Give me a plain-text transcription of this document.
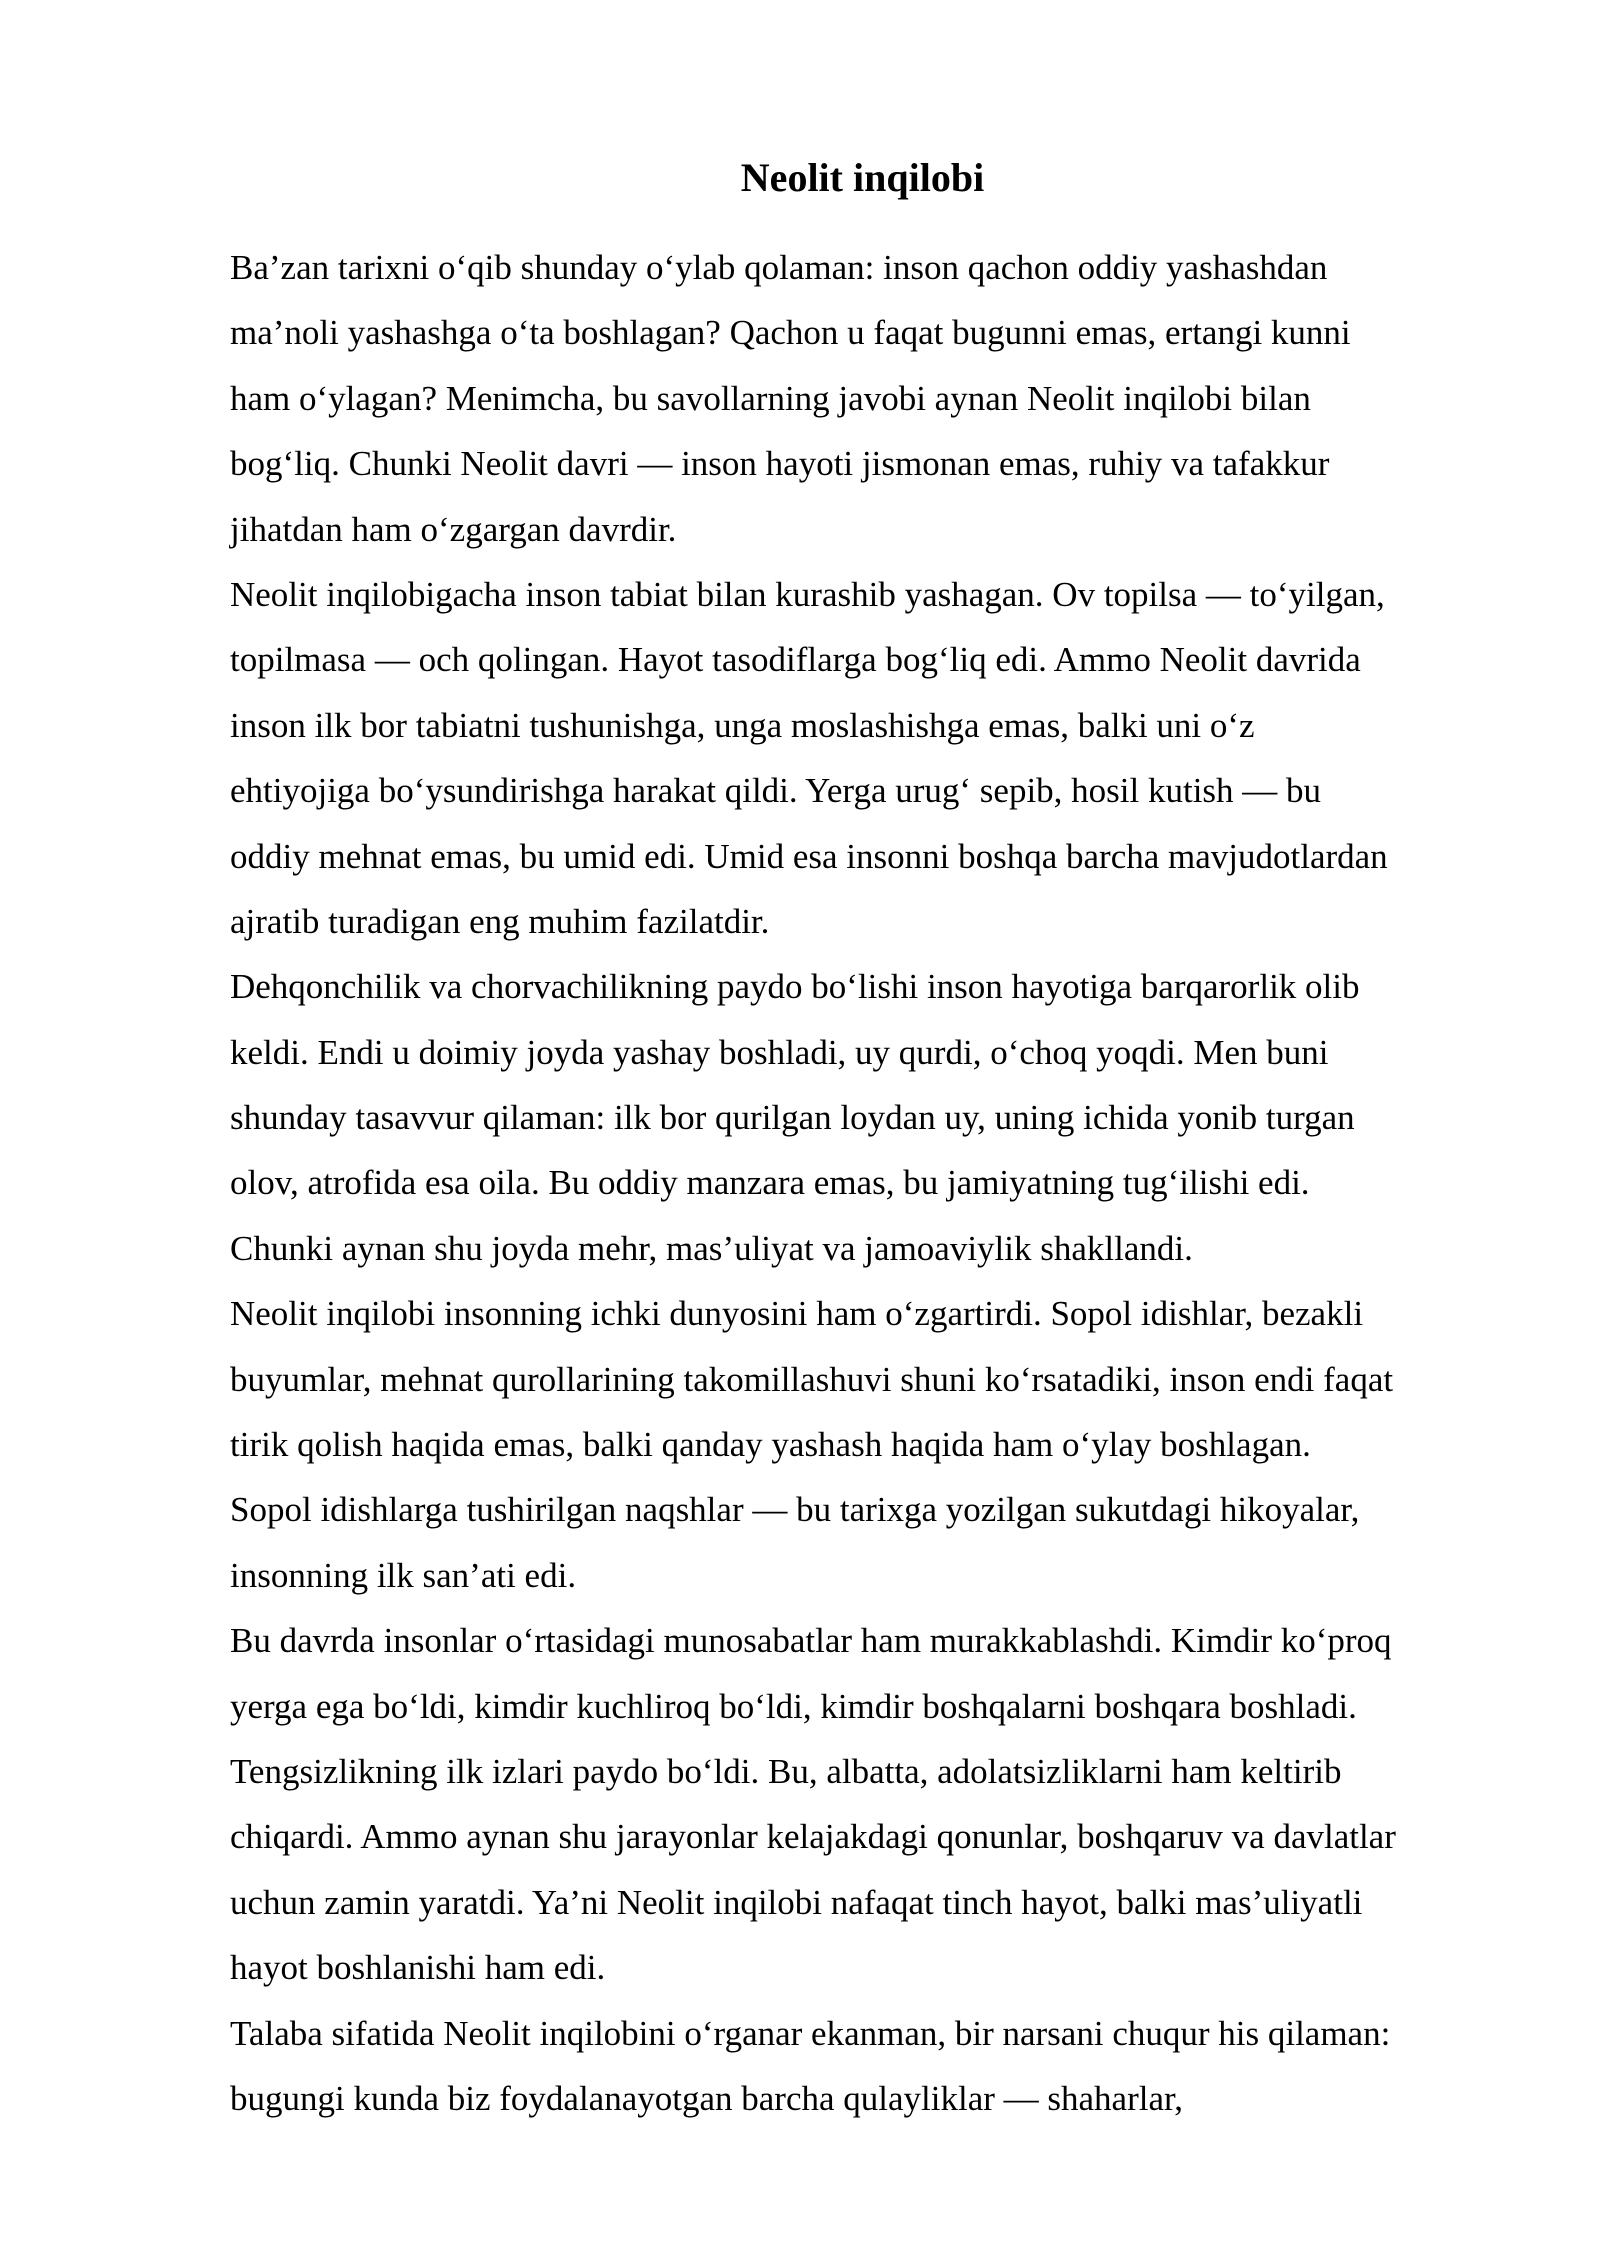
Neolit inqilobi
Ba’zan tarixni o‘qib shunday o‘ylab qolaman: inson qachon oddiy yashashdan
ma’noli yashashga o‘ta boshlagan? Qachon u faqat bugunni emas, ertangi kunni
ham o‘ylagan? Menimcha, bu savollarning javobi aynan Neolit inqilobi bilan
bog‘liq. Chunki Neolit davri — inson hayoti jismonan emas, ruhiy va tafakkur
jihatdan ham o‘zgargan davrdir.
Neolit inqilobigacha inson tabiat bilan kurashib yashagan. Ov topilsa — to‘yilgan,
topilmasa — och qolingan. Hayot tasodiflarga bog‘liq edi. Ammo Neolit davrida
inson ilk bor tabiatni tushunishga, unga moslashishga emas, balki uni o‘z
ehtiyojiga bo‘ysundirishga harakat qildi. Yerga urug‘ sepib, hosil kutish — bu
oddiy mehnat emas, bu umid edi. Umid esa insonni boshqa barcha mavjudotlardan
ajratib turadigan eng muhim fazilatdir.
Dehqonchilik va chorvachilikning paydo bo‘lishi inson hayotiga barqarorlik olib
keldi. Endi u doimiy joyda yashay boshladi, uy qurdi, o‘choq yoqdi. Men buni
shunday tasavvur qilaman: ilk bor qurilgan loydan uy, uning ichida yonib turgan
olov, atrofida esa oila. Bu oddiy manzara emas, bu jamiyatning tug‘ilishi edi.
Chunki aynan shu joyda mehr, mas’uliyat va jamoaviylik shakllandi.
Neolit inqilobi insonning ichki dunyosini ham o‘zgartirdi. Sopol idishlar, bezakli
buyumlar, mehnat qurollarining takomillashuvi shuni ko‘rsatadiki, inson endi faqat
tirik qolish haqida emas, balki qanday yashash haqida ham o‘ylay boshlagan.
Sopol idishlarga tushirilgan naqshlar — bu tarixga yozilgan sukutdagi hikoyalar,
insonning ilk san’ati edi.
Bu davrda insonlar o‘rtasidagi munosabatlar ham murakkablashdi. Kimdir ko‘proq
yerga ega bo‘ldi, kimdir kuchliroq bo‘ldi, kimdir boshqalarni boshqara boshladi.
Tengsizlikning ilk izlari paydo bo‘ldi. Bu, albatta, adolatsizliklarni ham keltirib
chiqardi. Ammo aynan shu jarayonlar kelajakdagi qonunlar, boshqaruv va davlatlar
uchun zamin yaratdi. Ya’ni Neolit inqilobi nafaqat tinch hayot, balki mas’uliyatli
hayot boshlanishi ham edi.
Talaba sifatida Neolit inqilobini o‘rganar ekanman, bir narsani chuqur his qilaman:
bugungi kunda biz foydalanayotgan barcha qulayliklar — shaharlar,
